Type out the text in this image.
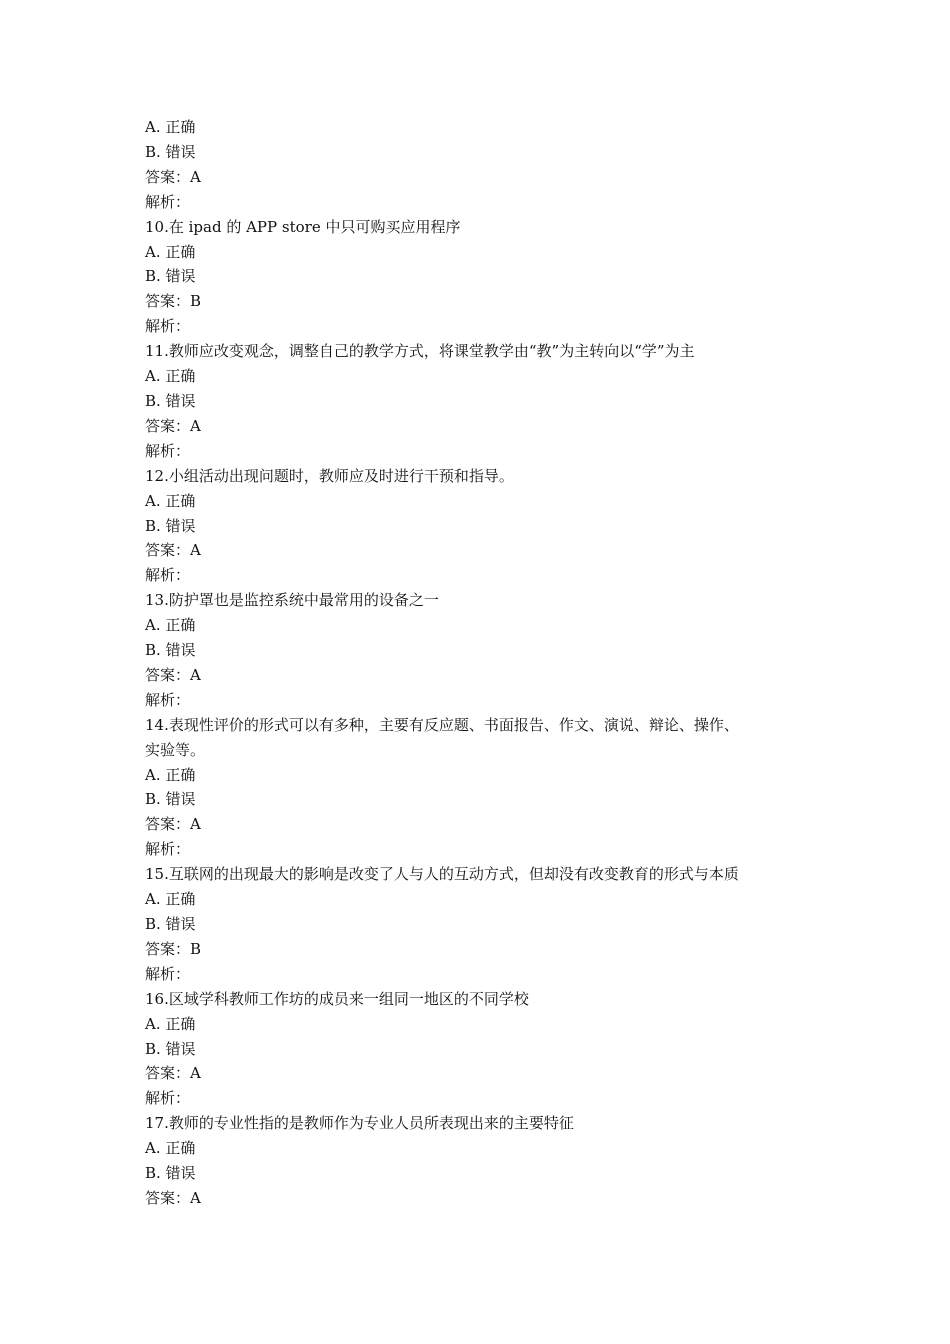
A. 正确
B. 错误
答案：A
解析：
10.在 ipad 的 APP store 中只可购买应用程序
A. 正确
B. 错误
答案：B
解析：
11.教师应改变观念，调整自己的教学方式，将课堂教学由“教”为主转向以“学”为主
A. 正确
B. 错误
答案：A
解析：
12.小组活动出现问题时，教师应及时进行干预和指导。
A. 正确
B. 错误
答案：A
解析：
13.防护罩也是监控系统中最常用的设备之一
A. 正确
B. 错误
答案：A
解析：
14.表现性评价的形式可以有多种，主要有反应题、书面报告、作文、演说、辩论、操作、
实验等。
A. 正确
B. 错误
答案：A
解析：
15.互联网的出现最大的影响是改变了人与人的互动方式，但却没有改变教育的形式与本质
A. 正确
B. 错误
答案：B
解析：
16.区域学科教师工作坊的成员来一组同一地区的不同学校
A. 正确
B. 错误
答案：A
解析：
17.教师的专业性指的是教师作为专业人员所表现出来的主要特征
A. 正确
B. 错误
答案：A
